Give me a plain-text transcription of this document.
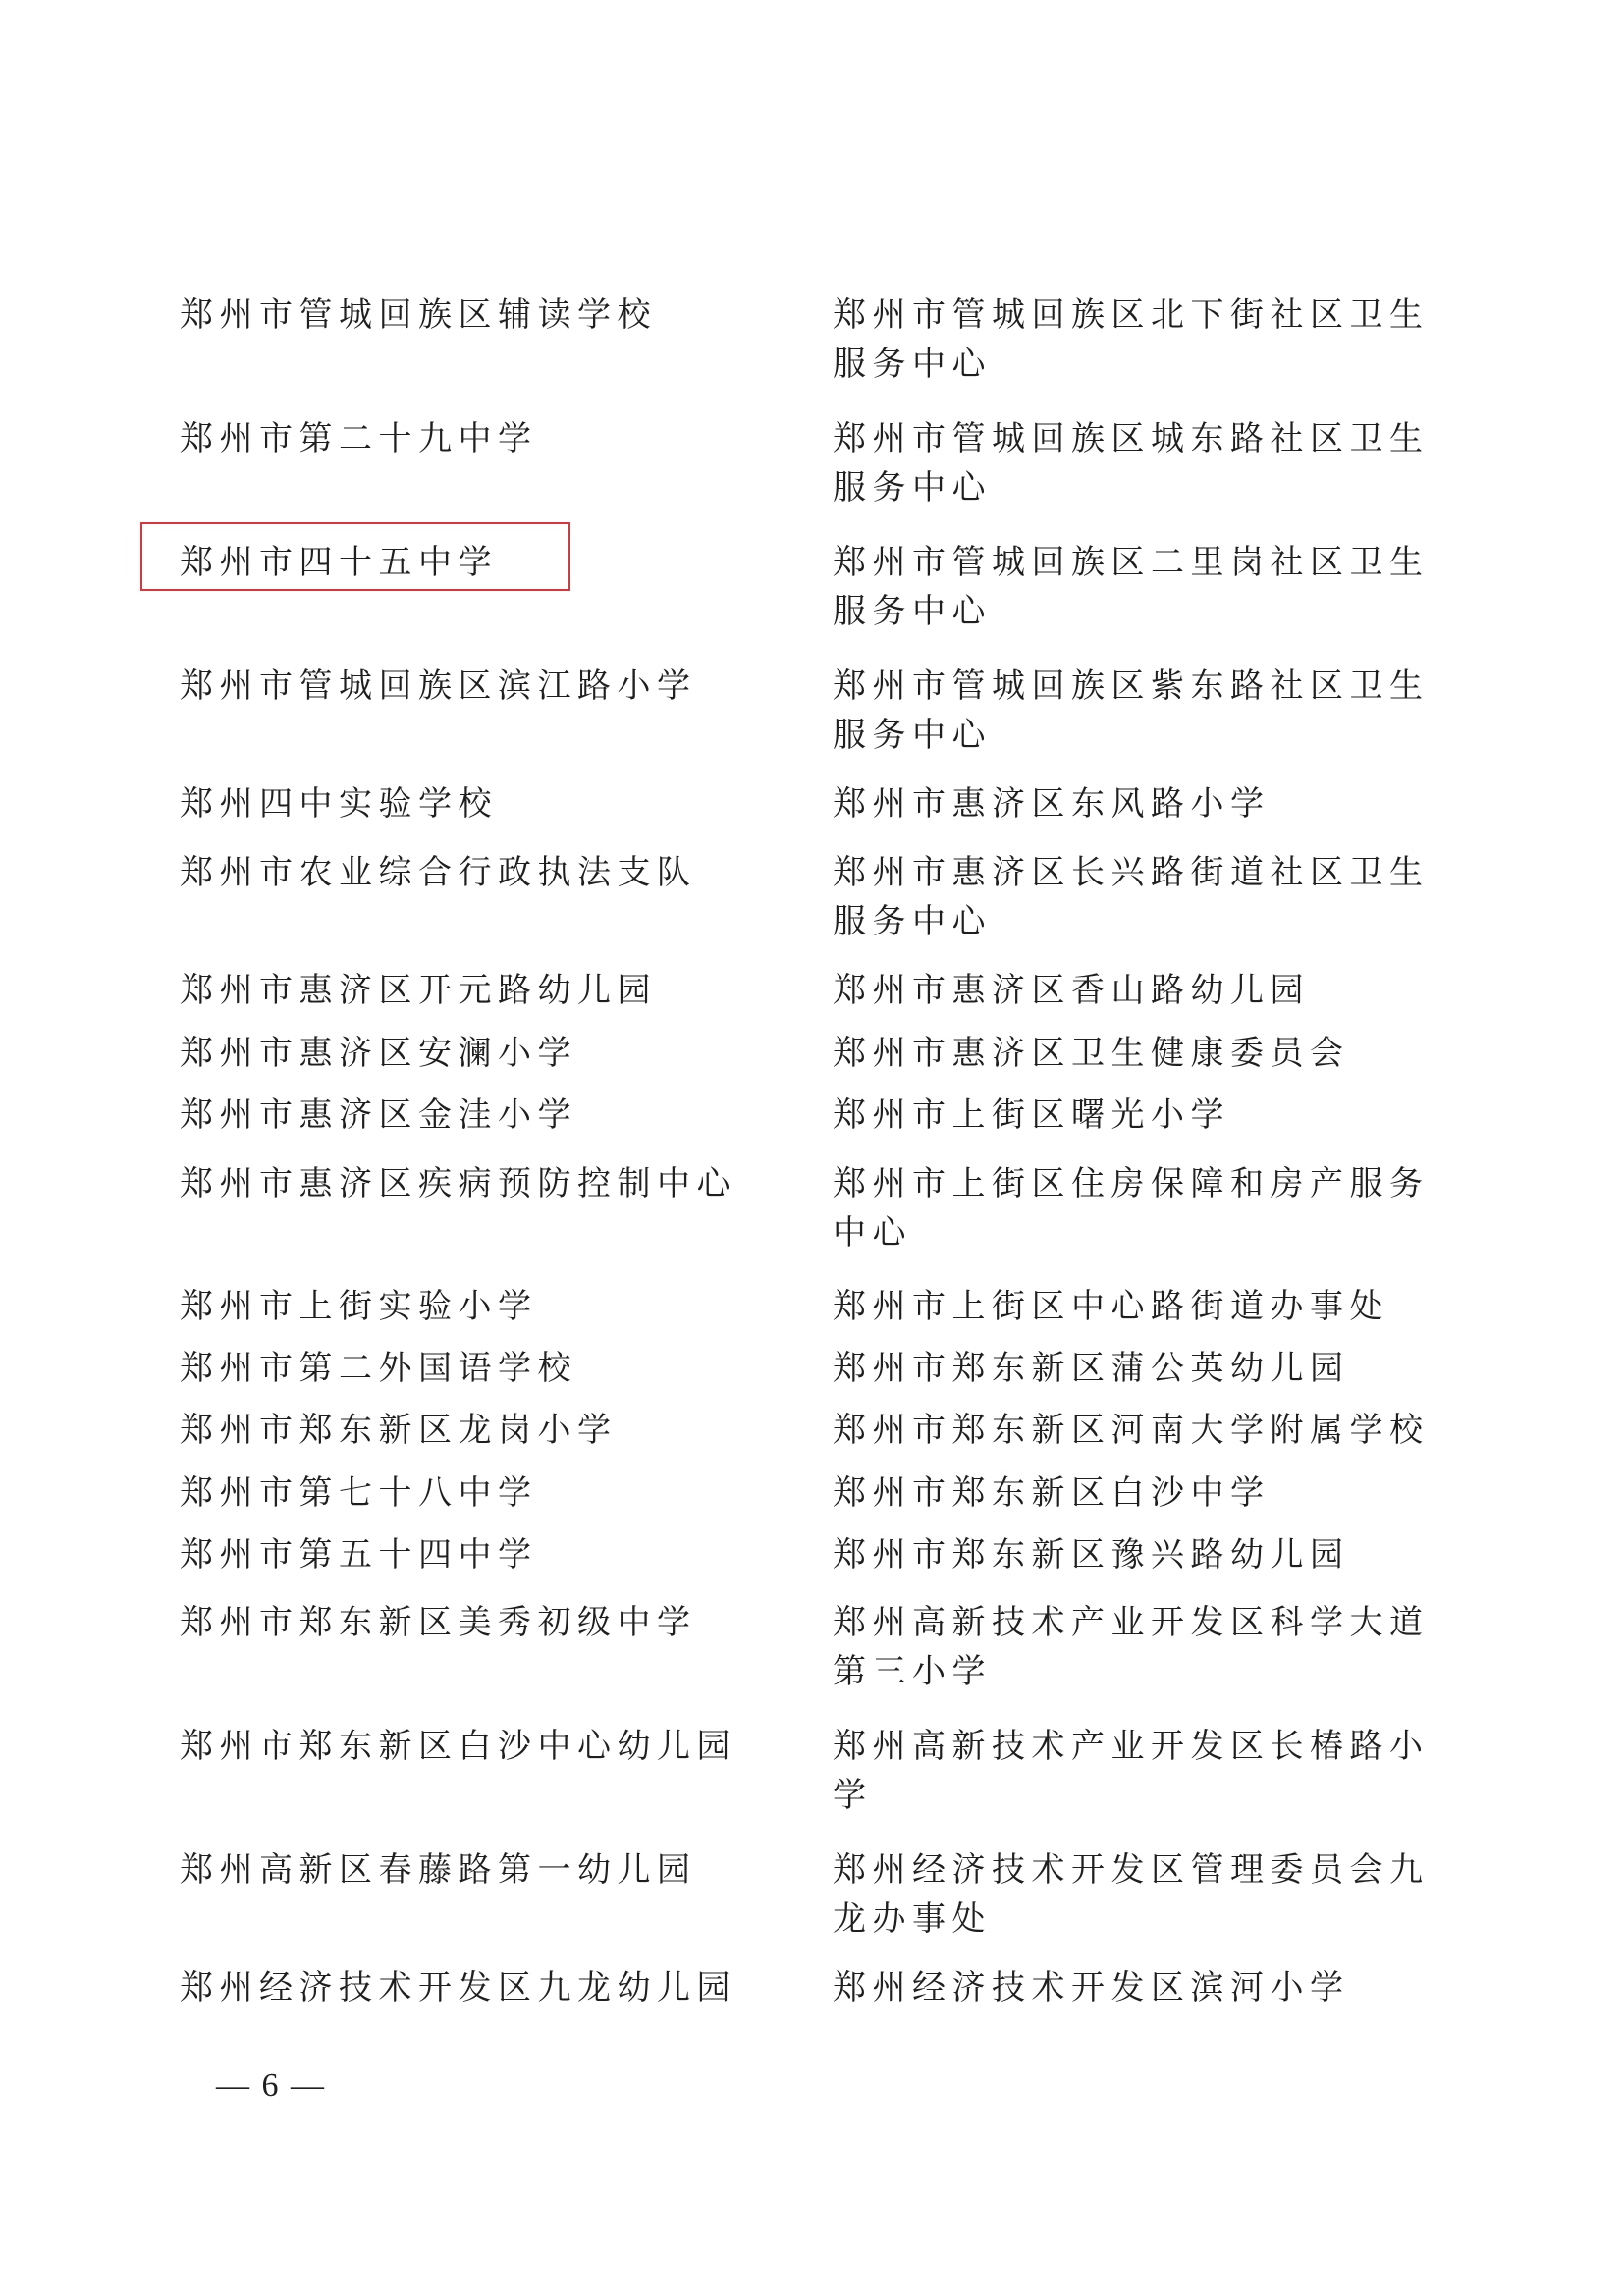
郑州市管城回族区辅读学校
郑州市第二十九中学
郑州市四十五中学
郑州市管城回族区滨江路小学
郑州四中实验学校
郑州市农业综合行政执法支队
郑州市惠济区开元路幼儿园
郑州市惠济区安澜小学
郑州市惠济区金洼小学
郑州市惠济区疾病预防控制中心
郑州市上街实验小学
郑州市第二外国语学校
郑州市郑东新区龙岗小学
郑州市第七十八中学
郑州市第五十四中学
郑州市郑东新区美秀初级中学
郑州市郑东新区白沙中心幼儿园
郑州高新区春藤路第一幼儿园
郑州经济技术开发区九龙幼儿园
郑州市管城回族区北下街社区卫生
服务中心
郑州市管城回族区城东路社区卫生
服务中心
郑州市管城回族区二里岗社区卫生
服务中心
郑州市管城回族区紫东路社区卫生
服务中心
郑州市惠济区东风路小学
郑州市惠济区长兴路街道社区卫生
服务中心
郑州市惠济区香山路幼儿园
郑州市惠济区卫生健康委员会
郑州市上街区曙光小学
郑州市上街区住房保障和房产服务
中心
郑州市上街区中心路街道办事处
郑州市郑东新区蒲公英幼儿园
郑州市郑东新区河南大学附属学校
郑州市郑东新区白沙中学
郑州市郑东新区豫兴路幼儿园
郑州高新技术产业开发区科学大道
第三小学
郑州高新技术产业开发区长椿路小
学
郑州经济技术开发区管理委员会九
龙办事处
郑州经济技术开发区滨河小学
— 6 —
